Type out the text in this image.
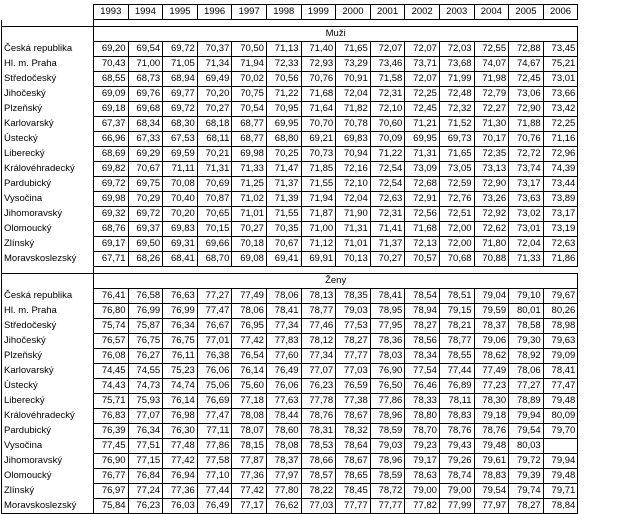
	1993	1994	1995	1996	1997	1998	1999	2000	2001	2002	2003	2004	2005	2006

	Muži													
Česká republika	69,20	69,54	69,72	70,37	70,50	71,13	71,40	71,65	72,07	72,07	72,03	72,55	72,88	73,45
Hl. m. Praha	70,43	71,00	71,05	71,34	71,94	72,33	72,93	73,29	73,46	73,71	73,68	74,07	74,67	75,21
Středočeský	68,55	68,73	68,94	69,49	70,02	70,56	70,76	70,91	71,58	72,07	71,99	71,98	72,45	73,01
Jihočeský	69,09	69,76	69,77	70,20	70,75	71,22	71,68	72,04	72,31	72,25	72,48	72,79	73,06	73,66
Plzeňský	69,18	69,68	69,72	70,27	70,54	70,95	71,64	71,82	72,10	72,45	72,32	72,27	72,90	73,42
Karlovarský	67,37	68,34	68,30	68,18	68,77	69,95	70,70	70,78	70,60	71,21	71,52	71,30	71,88	72,25
Ústecký	66,96	67,33	67,53	68,11	68,77	68,80	69,21	69,83	70,09	69,95	69,73	70,17	70,76	71,16
Liberecký	68,69	69,29	69,59	70,21	69,98	70,25	70,73	70,94	71,22	71,31	71,65	72,35	72,72	72,96
Královéhradecký	69,82	70,67	71,11	71,31	71,33	71,47	71,85	72,16	72,54	73,09	73,05	73,13	73,74	74,39
Pardubický	69,72	69,75	70,08	70,69	71,25	71,37	71,55	72,10	72,54	72,68	72,59	72,90	73,17	73,44
Vysočina	69,98	70,29	70,40	70,87	71,02	71,39	71,94	72,04	72,63	72,91	72,76	73,26	73,63	73,89
Jihomoravský	69,32	69,72	70,20	70,65	71,01	71,55	71,87	71,90	72,31	72,56	72,51	72,92	73,02	73,17
Olomoucký	68,76	69,37	69,83	70,15	70,27	70,35	71,00	71,31	71,41	71,68	72,00	72,62	73,01	73,19
Zlínský	69,17	69,50	69,31	69,66	70,18	70,67	71,12	71,01	71,37	72,13	72,00	71,80	72,04	72,63
Moravskoslezský	67,71	68,26	68,41	68,70	69,08	69,41	69,91	70,13	70,27	70,57	70,68	70,88	71,33	71,86

	Ženy													
Česká republika	76,41	76,58	76,63	77,27	77,49	78,06	78,13	78,35	78,41	78,54	78,51	79,04	79,10	79,67
Hl. m. Praha	76,80	76,99	76,99	77,47	78,06	78,41	78,77	79,03	78,95	78,94	79,15	79,59	80,01	80,26
Středočeský	75,74	75,87	76,34	76,67	76,95	77,34	77,46	77,53	77,95	78,27	78,21	78,37	78,58	78,98
Jihočeský	76,57	76,75	76,75	77,01	77,42	77,83	78,12	78,27	78,36	78,56	78,77	79,06	79,30	79,63
Plzeňský	76,08	76,27	76,11	76,38	76,54	77,60	77,34	77,77	78,03	78,34	78,55	78,62	78,92	79,09
Karlovarský	74,45	74,55	75,23	76,06	76,14	76,49	77,07	77,03	76,90	77,54	77,44	77,49	78,06	78,41
Ústecký	74,43	74,73	74,74	75,06	75,60	76,06	76,23	76,59	76,50	76,46	76,89	77,23	77,27	77,47
Liberecký	75,71	75,93	76,14	76,69	77,18	77,63	77,78	77,38	77,86	78,33	78,11	78,30	78,89	79,48
Královéhradecký	76,83	77,07	76,98	77,47	78,08	78,44	78,76	78,67	78,96	78,80	78,83	79,18	79,94	80,09
Pardubický	76,39	76,34	76,30	77,11	78,07	78,60	78,31	78,32	78,59	78,70	78,76	78,76	79,54	79,70
Vysočina	77,45	77,51	77,48	77,86	78,15	78,08	78,53	78,64	79,03	79,23	79,43	79,48	80,03	
Jihomoravský	76,90	77,15	77,42	77,58	77,87	78,37	78,66	78,67	78,96	79,17	79,26	79,61	79,72	79,94
Olomoucký	76,77	76,84	76,94	77,10	77,36	77,97	78,57	78,65	78,59	78,63	78,74	78,83	79,39	79,48
Zlínský	76,97	77,24	77,36	77,44	77,42	77,80	78,22	78,45	78,72	79,00	79,00	79,54	79,74	79,71
Moravskoslezský	75,84	76,23	76,03	76,49	77,17	76,62	77,03	77,77	77,77	77,82	77,99	77,97	78,27	78,84
